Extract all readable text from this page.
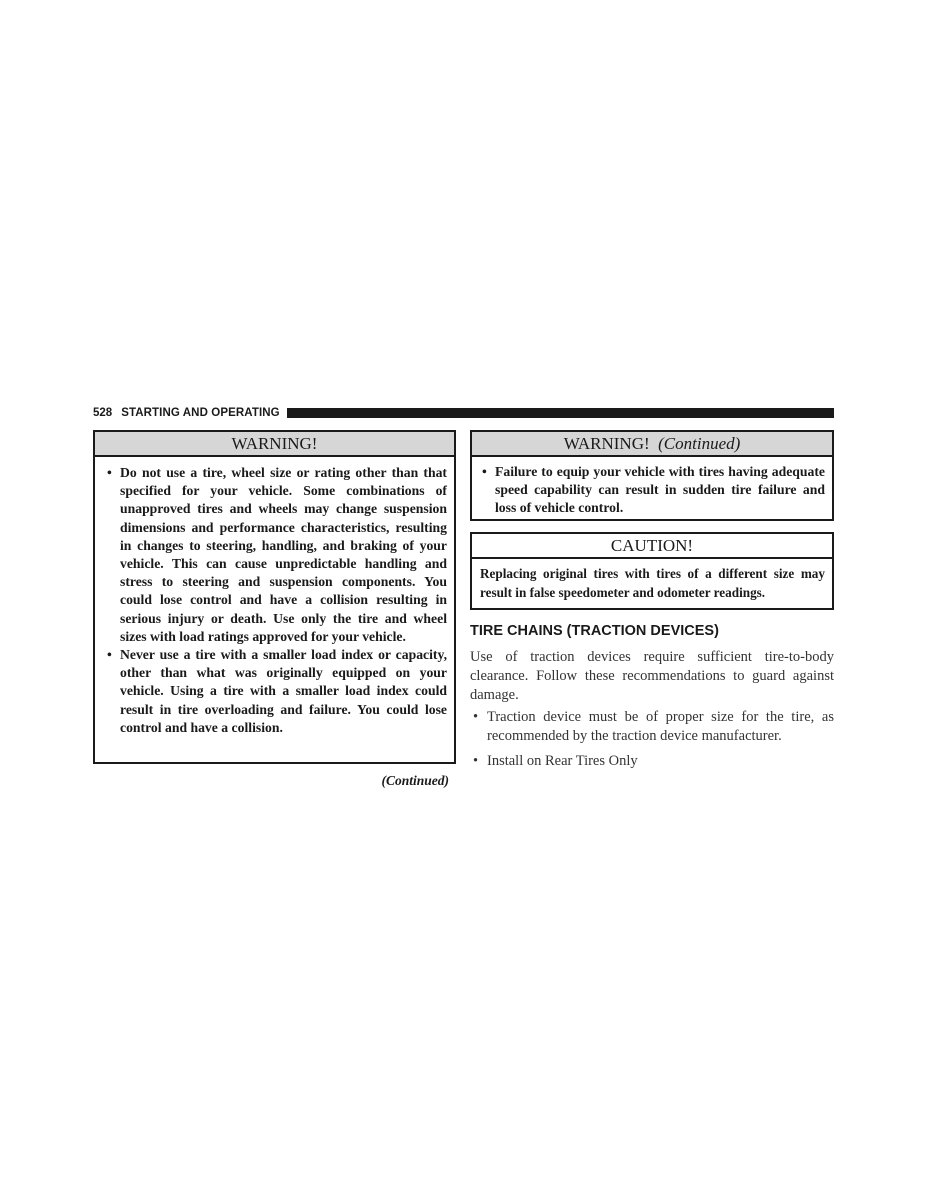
528 STARTING AND OPERATING
WARNING!
• Do not use a tire, wheel size or rating other than that specified for your vehicle. Some combinations of unapproved tires and wheels may change suspension dimensions and performance characteristics, resulting in changes to steering, handling, and braking of your vehicle. This can cause unpredictable handling and stress to steering and suspension components. You could lose control and have a collision resulting in serious injury or death. Use only the tire and wheel sizes with load ratings approved for your vehicle.
• Never use a tire with a smaller load index or capacity, other than what was originally equipped on your vehicle. Using a tire with a smaller load index could result in tire overloading and failure. You could lose control and have a collision.
(Continued)
WARNING! (Continued)
• Failure to equip your vehicle with tires having adequate speed capability can result in sudden tire failure and loss of vehicle control.
CAUTION!
Replacing original tires with tires of a different size may result in false speedometer and odometer readings.
TIRE CHAINS (TRACTION DEVICES)
Use of traction devices require sufficient tire-to-body clearance. Follow these recommendations to guard against damage.
• Traction device must be of proper size for the tire, as recommended by the traction device manufacturer.
• Install on Rear Tires Only
